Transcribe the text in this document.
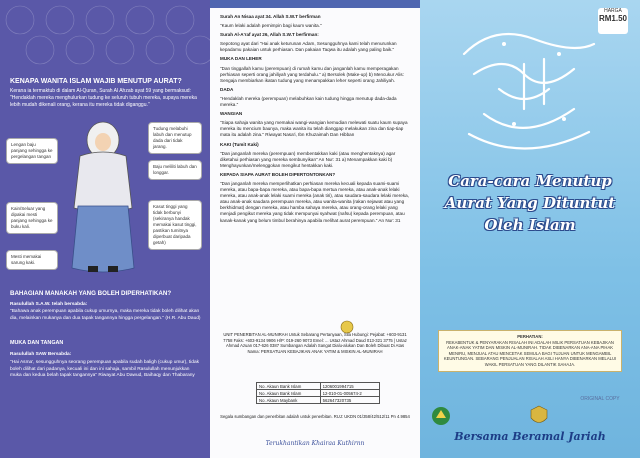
KENAPA WANITA ISLAM WAJIB MENUTUP AURAT?
Kerana ia termaktub di dalam Al-Quran, Surah Al Ahzab ayat 59 yang bermaksud: "Hendaklah mereka menghulurkan tudung ke seluruh tubuh mereka, supaya mereka lebih mudah dikenali orang, kerana itu mereka tidak diganggu."
Lengan baju panjang sehingga ke pergelangan tangan
Tudung melabuhi labuh dan menutup dada dari tidak jarang.
Baju meliliti labuh dan longgar.
Kain/Seluar yang dipakai mesti panjang sehingga ke buku kali.
Kasut tinggi yang tidak berbunyi (sekiranya handak memakai kasut tinggi, pastikan tumitnya diperbuat daripada getah)
Mesti memakai sarung kaki.
BAHAGIAN MANAKAH YANG BOLEH DIPERHATIKAN?
Rasulullah S.A.W. telah bersabda:
"Bahawa anak perempuan apabila cukup umurnya, maka mereka tidak boleh dilihat akan dia, melainkan mukanya dan dua tapak tangannya hingga pergelangan." (H.R. Abu Daud)
MUKA DAN TANGAN
Rasulullah SAW Bersabda:
"Hai Asma', sesungguhnya seorang perempuan apabila sudah baligh (cukup umur), tidak boleh dilihat dari padanya, kecuali ini dan ini sahaja, sambil Rasulullah menunjukkan muka dan kedua belah tapak tangannya" Riwayat Abu Dawud, Baihaqy dan Thabarany

Surah An Nisaa ayat 34. Allah S.W.T berfirman

"Kaum lelaki adalah pemimpin bagi kaum wanita."

Surah Al-A'raf ayat 26, Allah S.W.T berfirman:

Sepotong ayat dari "Hai anak keturunan Adam, Sesungguhnya kami telah menurunkan kepadamu pakaian untuk perhiasan. Dan pakaian Taqwa itu adalah yang paling baik."

MUKA DAN LEHER

"Dan tinggallah kamu (perempuan) di rumah kamu dan janganlah kamu memperagakan perhiasan seperti orang jahiliyah yang terdahulu." a) Bersolek (Make-up) b) Mencukur Alis: Sengaja membiarkan ikatan tudung yang menampakkan leher seperti orang Jahiliyah.

DADA

"Hendaklah mereka (perempuan) melabuhkan kain tudung hingga menutup dada-dada mereka."

WANGIAN

"Siapa sahaja wanita yang memakai wangi-wangian kemudian melewati suatu kaum supaya mereka itu mencium baunya, maka wanita itu telah dianggap melakukan zina dan tiap-tiap mata itu adalah zina." Riwayat Nasa'i, Ibn Khuzaimah Dan Hibban

KAKI (Tumit Kaki)

"Dan janganlah mereka (perempuan) membentakkan kaki (atau menghentaknya) agar diketahui perhiasan yang mereka sembunyikan" An Nur: 31 a) Menampakkan kaki b) Menghayunkan/melenggokan mengikut hentakkan kaki.

KEPADA SIAPA AURAT BOLEH DIPERTONTONKAN?

"Dan janganlah mereka memperlihatkan perhiasan mereka kecuali kepada suami-suami mereka, atau bapa-bapa mereka, atau bapa-bapa mertua mereka, atau anak-anak lelaki mereka, atau anak-anak lelaki suami mereka (anak tiri), atau saudara-saudara lelaki mereka, atau anak-anak saudara perempuan mereka, atau wanita-wanita (rakan sejawat atau yang berkhidmat) dengan mereka, atau hamba sahaya mereka, atau orang-orang lelaki yang menjadi pengikut mereka yang tidak mempunyai syahwat (nafsu) kepada perempuan, atau kanak-kanak yang belum timbul berahinya apabila melihat aurat perempuan." An Nur: 31

UNIT PENERBITAN AL-MUNIRAH Untuk Sebarang Pertanyaan, Sila Hubungi: Pejabat: +603-9131 7758 Faks: +603-9134 9906 H/P: 019-260 9073 Emel: ... Ustaz Ahmad Daud 013-321 3775 | Ustaz Ahmad Azuan 017-626 0387 Sumbangan Adalah Sangat Dialu-alukan Dan Boleh Dibuat Di Atas Nama: PERSATUAN KEBAJIKAN ANAK YATIM & MISKIN AL-MUNIRAH
No. Akaun Bank Islam	1206001994715
No. Akaun Bank Islam	12-010-01-005674-2
No. Akaun Maybank	562647320735
Segala sumbangan dan penerbitan adalah untuk penerbitan. RUJ: UKDN 01/358/42/512/11 Pn 4.9854
Terukhantikan Khairaa Kuthirnn
HARGA
RM1.50
Cara-cara Menutup Aurat Yang Dituntut Oleh Islam
PERHATIAN:
REKABENTUK & PENYARAKAN RISALAH INI ADALAH MILIK PERSATUAN KEBAJIKAN ANAK-ANAK YATIM DAN MISKIN AL-MUNIRAH. TIDAK DIBENARKAN ANA-ANA PIHAK MENIRU, MENJUAL ATAU MENCETAK SEMULA BAGI TUJUAN UNTUK MENGAMBIL KEUNTUNGAN. SEBARANG PENJUALAN RISALAH ASLI HANYA DIBENARKAN MELALUI WAKIL PERSATUAN YANG DILANTIK SAHAJA.
ORIGINAL COPY
Bersama Beramal Jariah
